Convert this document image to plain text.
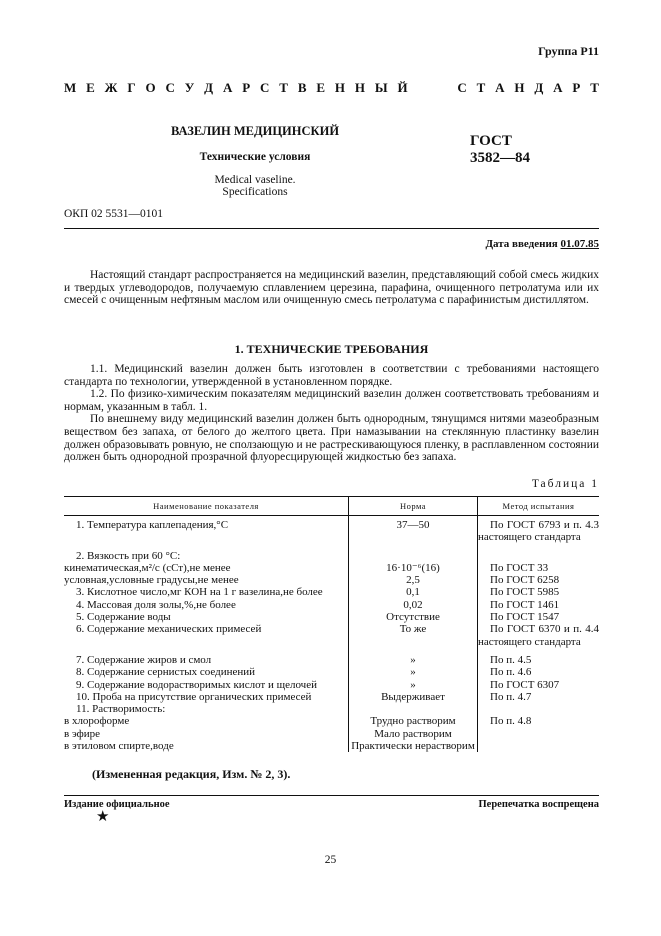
Группа Р11
М Е Ж Г О С У Д А Р С Т В Е Н Н Ы Й	С Т А Н Д А Р Т
ВАЗЕЛИН МЕДИЦИНСКИЙ
Технические условия
Medical vaseline.
Specifications
ГОСТ
3582—84
ОКП 02 5531—0101
Дата введения 01.07.85

Настоящий стандарт распространяется на медицинский вазелин, представляющий собой смесь жидких и твердых углеводородов, получаемую сплавлением церезина, парафина, очищенного петролатума или их смесей с очищенным нефтяным маслом или очищенную смесь петролатума с парафинистым дистиллятом.

1. ТЕХНИЧЕСКИЕ ТРЕБОВАНИЯ

1.1. Медицинский вазелин должен быть изготовлен в соответствии с требованиями настоящего стандарта по технологии, утвержденной в установленном порядке.

1.2. По физико-химическим показателям медицинский вазелин должен соответствовать требованиям и нормам, указанным в табл. 1.

По внешнему виду медицинский вазелин должен быть однородным, тянущимся нитями мазеобразным веществом без запаха, от белого до желтого цвета. При намазывании на стеклянную пластинку вазелин должен образовывать ровную, не сползающую и не растрескивающуюся пленку, в расплавленном состоянии должен быть однородной прозрачной флуоресцирующей жидкостью без запаха.

Таблица 1
Наименование показателя	Норма	Метод испытания
1. Температура каплепадения,°С	37—50	По ГОСТ 6793 и п. 4.3 настоящего стандарта
2. Вязкость при 60 °С:		
кинематическая,м²/с (сСт),не менее	16·10⁻⁶(16)	По ГОСТ 33
условная,условные градусы,не менее	2,5	По ГОСТ 6258
3. Кислотное число,мг КОН на 1 г вазелина,не более	0,1	По ГОСТ 5985
4. Массовая доля золы,%,не более	0,02	По ГОСТ 1461
5. Содержание воды	Отсутствие	По ГОСТ 1547
6. Содержание механических примесей	То же	По ГОСТ 6370 и п. 4.4 настоящего стандарта
7. Содержание жиров и смол	»	По п. 4.5
8. Содержание сернистых соединений	»	По п. 4.6
9. Содержание водорастворимых кислот и щелочей	»	По ГОСТ 6307
10. Проба на присутствие органических примесей	Выдерживает	По п. 4.7
11. Растворимость:		
в хлороформе	Трудно растворим	По п. 4.8
в эфире	Мало растворим	
в этиловом спирте,воде	Практически нерастворим	
(Измененная редакция, Изм. № 2, 3).
Издание официальное
★
Перепечатка воспрещена
25
